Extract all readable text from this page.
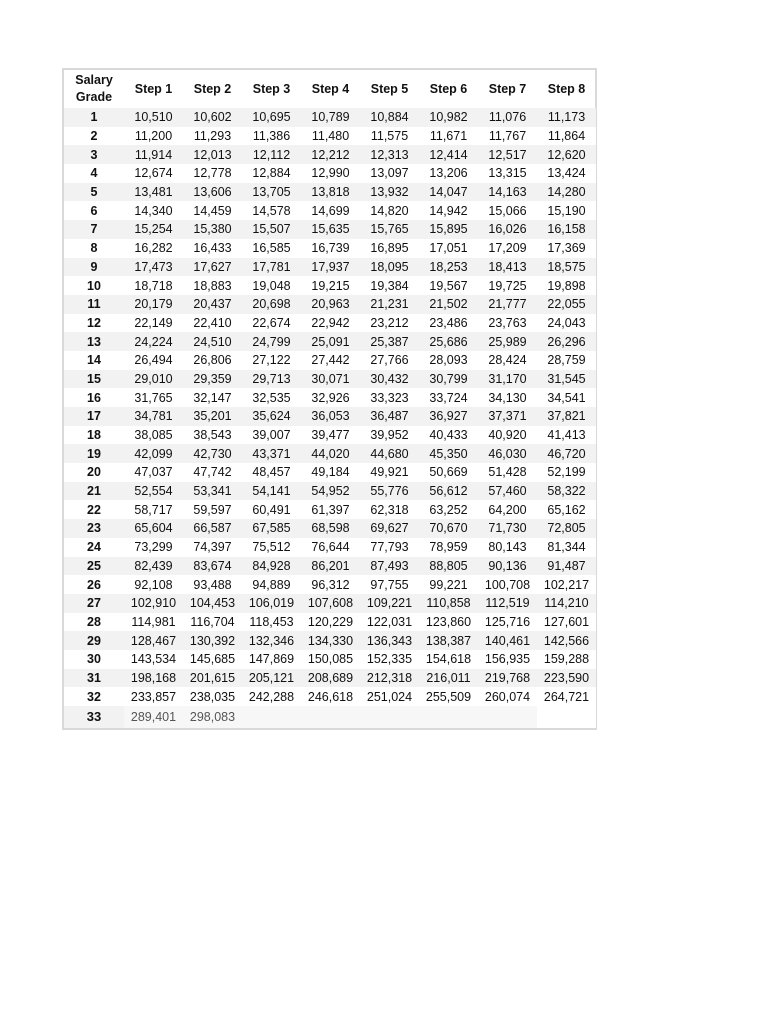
Salary Grade	Step 1	Step 2	Step 3	Step 4	Step 5	Step 6	Step 7	Step 8
1	10,510	10,602	10,695	10,789	10,884	10,982	11,076	11,173
2	11,200	11,293	11,386	11,480	11,575	11,671	11,767	11,864
3	11,914	12,013	12,112	12,212	12,313	12,414	12,517	12,620
4	12,674	12,778	12,884	12,990	13,097	13,206	13,315	13,424
5	13,481	13,606	13,705	13,818	13,932	14,047	14,163	14,280
6	14,340	14,459	14,578	14,699	14,820	14,942	15,066	15,190
7	15,254	15,380	15,507	15,635	15,765	15,895	16,026	16,158
8	16,282	16,433	16,585	16,739	16,895	17,051	17,209	17,369
9	17,473	17,627	17,781	17,937	18,095	18,253	18,413	18,575
10	18,718	18,883	19,048	19,215	19,384	19,567	19,725	19,898
11	20,179	20,437	20,698	20,963	21,231	21,502	21,777	22,055
12	22,149	22,410	22,674	22,942	23,212	23,486	23,763	24,043
13	24,224	24,510	24,799	25,091	25,387	25,686	25,989	26,296
14	26,494	26,806	27,122	27,442	27,766	28,093	28,424	28,759
15	29,010	29,359	29,713	30,071	30,432	30,799	31,170	31,545
16	31,765	32,147	32,535	32,926	33,323	33,724	34,130	34,541
17	34,781	35,201	35,624	36,053	36,487	36,927	37,371	37,821
18	38,085	38,543	39,007	39,477	39,952	40,433	40,920	41,413
19	42,099	42,730	43,371	44,020	44,680	45,350	46,030	46,720
20	47,037	47,742	48,457	49,184	49,921	50,669	51,428	52,199
21	52,554	53,341	54,141	54,952	55,776	56,612	57,460	58,322
22	58,717	59,597	60,491	61,397	62,318	63,252	64,200	65,162
23	65,604	66,587	67,585	68,598	69,627	70,670	71,730	72,805
24	73,299	74,397	75,512	76,644	77,793	78,959	80,143	81,344
25	82,439	83,674	84,928	86,201	87,493	88,805	90,136	91,487
26	92,108	93,488	94,889	96,312	97,755	99,221	100,708	102,217
27	102,910	104,453	106,019	107,608	109,221	110,858	112,519	114,210
28	114,981	116,704	118,453	120,229	122,031	123,860	125,716	127,601
29	128,467	130,392	132,346	134,330	136,343	138,387	140,461	142,566
30	143,534	145,685	147,869	150,085	152,335	154,618	156,935	159,288
31	198,168	201,615	205,121	208,689	212,318	216,011	219,768	223,590
32	233,857	238,035	242,288	246,618	251,024	255,509	260,074	264,721
33	289,401	298,083						
